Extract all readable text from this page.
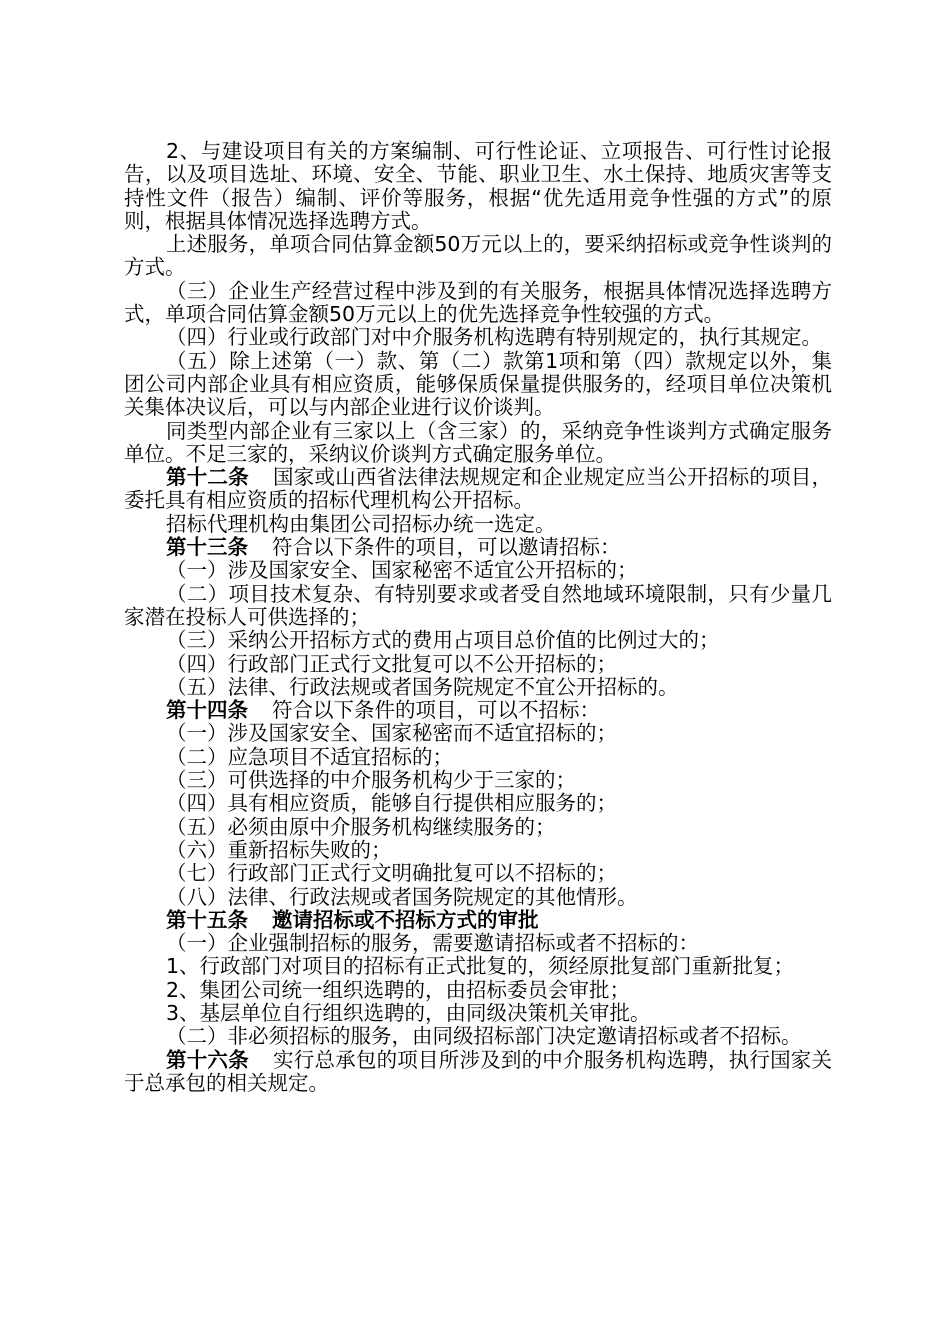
2、与建设项目有关的方案编制、可行性论证、立项报告、可行性讨论报告，以及项目选址、环境、安全、节能、职业卫生、水土保持、地质灾害等支持性文件（报告）编制、评价等服务，根据“优先适用竞争性强的方式”的原则，根据具体情况选择选聘方式。

上述服务，单项合同估算金额50万元以上的，要采纳招标或竞争性谈判的方式。

（三）企业生产经营过程中涉及到的有关服务，根据具体情况选择选聘方式，单项合同估算金额50万元以上的优先选择竞争性较强的方式。

（四）行业或行政部门对中介服务机构选聘有特别规定的，执行其规定。

（五）除上述第（一）款、第（二）款第1项和第（四）款规定以外，集团公司内部企业具有相应资质，能够保质保量提供服务的，经项目单位决策机关集体决议后，可以与内部企业进行议价谈判。

同类型内部企业有三家以上（含三家）的，采纳竞争性谈判方式确定服务单位。不足三家的，采纳议价谈判方式确定服务单位。

第十二条 国家或山西省法律法规规定和企业规定应当公开招标的项目，委托具有相应资质的招标代理机构公开招标。

招标代理机构由集团公司招标办统一选定。

第十三条 符合以下条件的项目，可以邀请招标：

（一）涉及国家安全、国家秘密不适宜公开招标的；

（二）项目技术复杂、有特别要求或者受自然地域环境限制，只有少量几家潜在投标人可供选择的；

（三）采纳公开招标方式的费用占项目总价值的比例过大的；

（四）行政部门正式行文批复可以不公开招标的；

（五）法律、行政法规或者国务院规定不宜公开招标的。

第十四条 符合以下条件的项目，可以不招标：

（一）涉及国家安全、国家秘密而不适宜招标的；

（二）应急项目不适宜招标的；

（三）可供选择的中介服务机构少于三家的；

（四）具有相应资质，能够自行提供相应服务的；

（五）必须由原中介服务机构继续服务的；

（六）重新招标失败的；

（七）行政部门正式行文明确批复可以不招标的；

（八）法律、行政法规或者国务院规定的其他情形。

第十五条 邀请招标或不招标方式的审批

（一）企业强制招标的服务，需要邀请招标或者不招标的：

1、行政部门对项目的招标有正式批复的，须经原批复部门重新批复；

2、集团公司统一组织选聘的，由招标委员会审批；

3、基层单位自行组织选聘的，由同级决策机关审批。

（二）非必须招标的服务，由同级招标部门决定邀请招标或者不招标。

第十六条 实行总承包的项目所涉及到的中介服务机构选聘，执行国家关于总承包的相关规定。
